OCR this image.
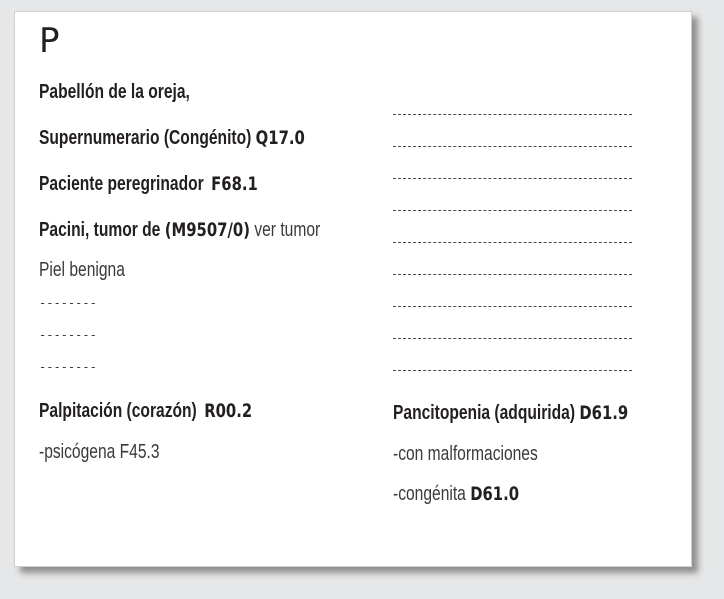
P
Pabellón de la oreja,
Supernumerario (Congénito) Q17.0
Paciente peregrinador F68.1
Pacini, tumor de (M9507/0) ver tumor
Piel benigna
--------
--------
--------
Palpitación (corazón) R00.2
-psicógena F45.3
Pancitopenia (adquirida) D61.9
-con malformaciones
-congénita D61.0
